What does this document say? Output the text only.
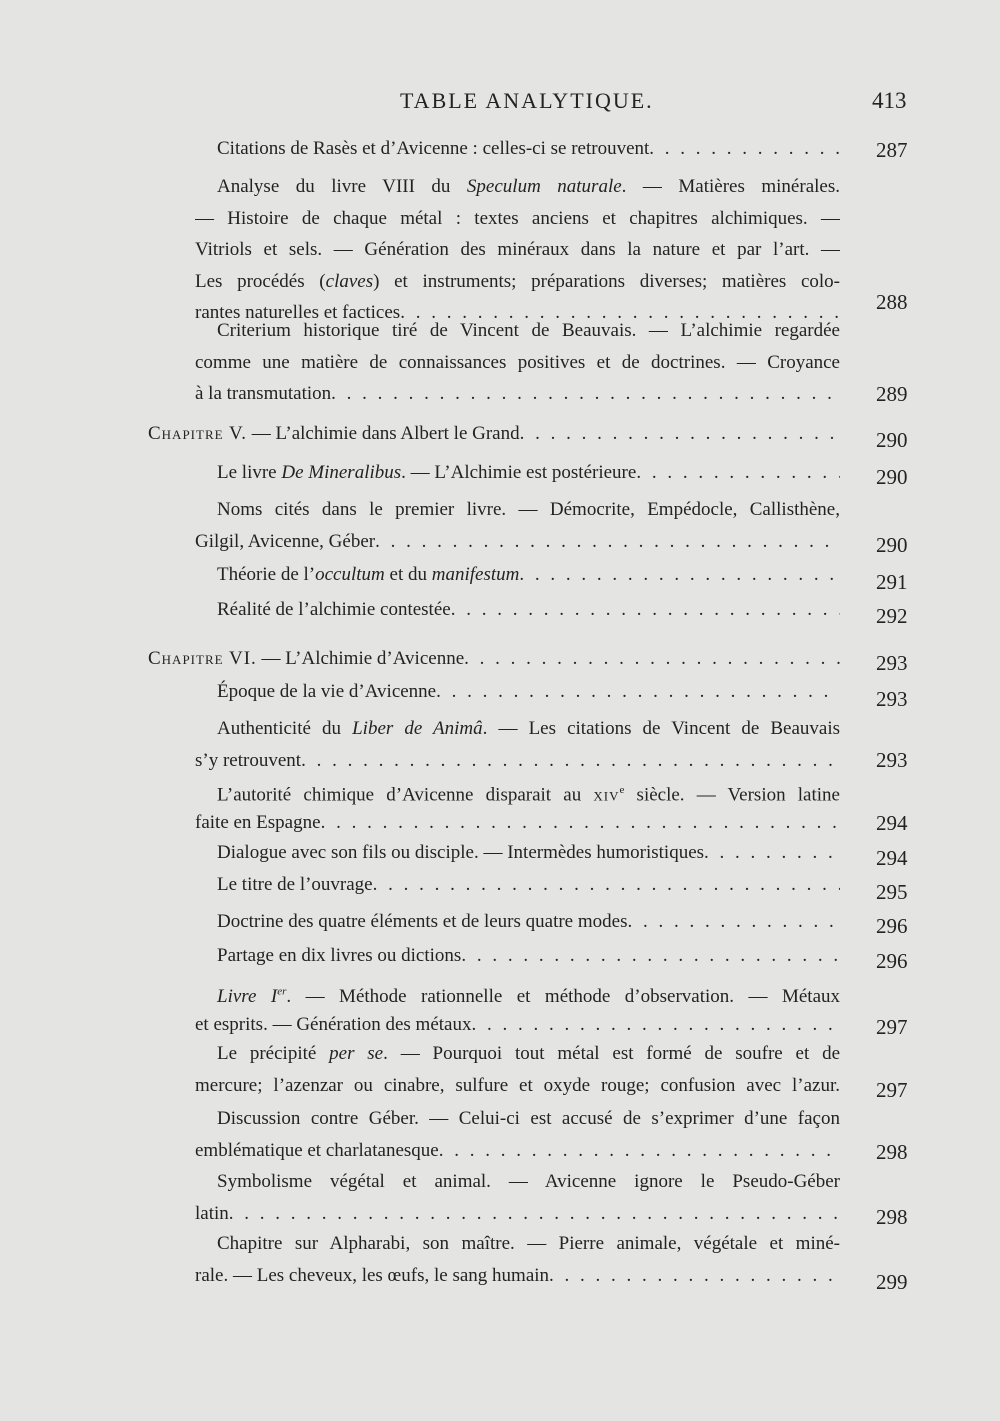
TABLE ANALYTIQUE.	413
Citations de Rasès et d’Avicenne : celles-ci se retrouvent . . .	287
Analyse du livre VIII du Speculum naturale. — Matières minérales.
— Histoire de chaque métal : textes anciens et chapitres alchimiques. —
Vitriols et sels. — Génération des minéraux dans la nature et par l’art. —
Les procédés (claves) et instruments; préparations diverses; matières colo-
rantes naturelles et factices . . .	288
Criterium historique tiré de Vincent de Beauvais. — L’alchimie regardée
comme une matière de connaissances positives et de doctrines. — Croyance
à la transmutation . . .	289
Chapitre V. — L’alchimie dans Albert le Grand . . .	290
Le livre De Mineralibus. — L’Alchimie est postérieure . . .	290
Noms cités dans le premier livre. — Démocrite, Empédocle, Callisthène,
Gilgil, Avicenne, Géber . . .	290
Théorie de l’occultum et du manifestum . . .	291
Réalité de l’alchimie contestée . . .	292
Chapitre VI. — L’Alchimie d’Avicenne . . .	293
Époque de la vie d’Avicenne . . .	293
Authenticité du Liber de Animâ. — Les citations de Vincent de Beauvais
s’y retrouvent . . .	293
L’autorité chimique d’Avicenne disparait au xiv$^e$ siècle. — Version latine
faite en Espagne . . .	294
Dialogue avec son fils ou disciple. — Intermèdes humoristiques . . .	294
Le titre de l’ouvrage . . .	295
Doctrine des quatre éléments et de leurs quatre modes . . .	296
Partage en dix livres ou dictions . . .	296
Livre Ier. — Méthode rationnelle et méthode d’observation. — Métaux
et esprits. — Génération des métaux . . .	297
Le précipité per se. — Pourquoi tout métal est formé de soufre et de
mercure; l’azenzar ou cinabre, sulfure et oxyde rouge; confusion avec l’azur. 297
Discussion contre Géber. — Celui-ci est accusé de s’exprimer d’une façon
emblématique et charlatanesque . . .	298
Symbolisme végétal et animal. — Avicenne ignore le Pseudo-Géber
latin . . .	298
Chapitre sur Alpharabi, son maître. — Pierre animale, végétale et miné-
rale. — Les cheveux, les œufs, le sang humain . . .	299
